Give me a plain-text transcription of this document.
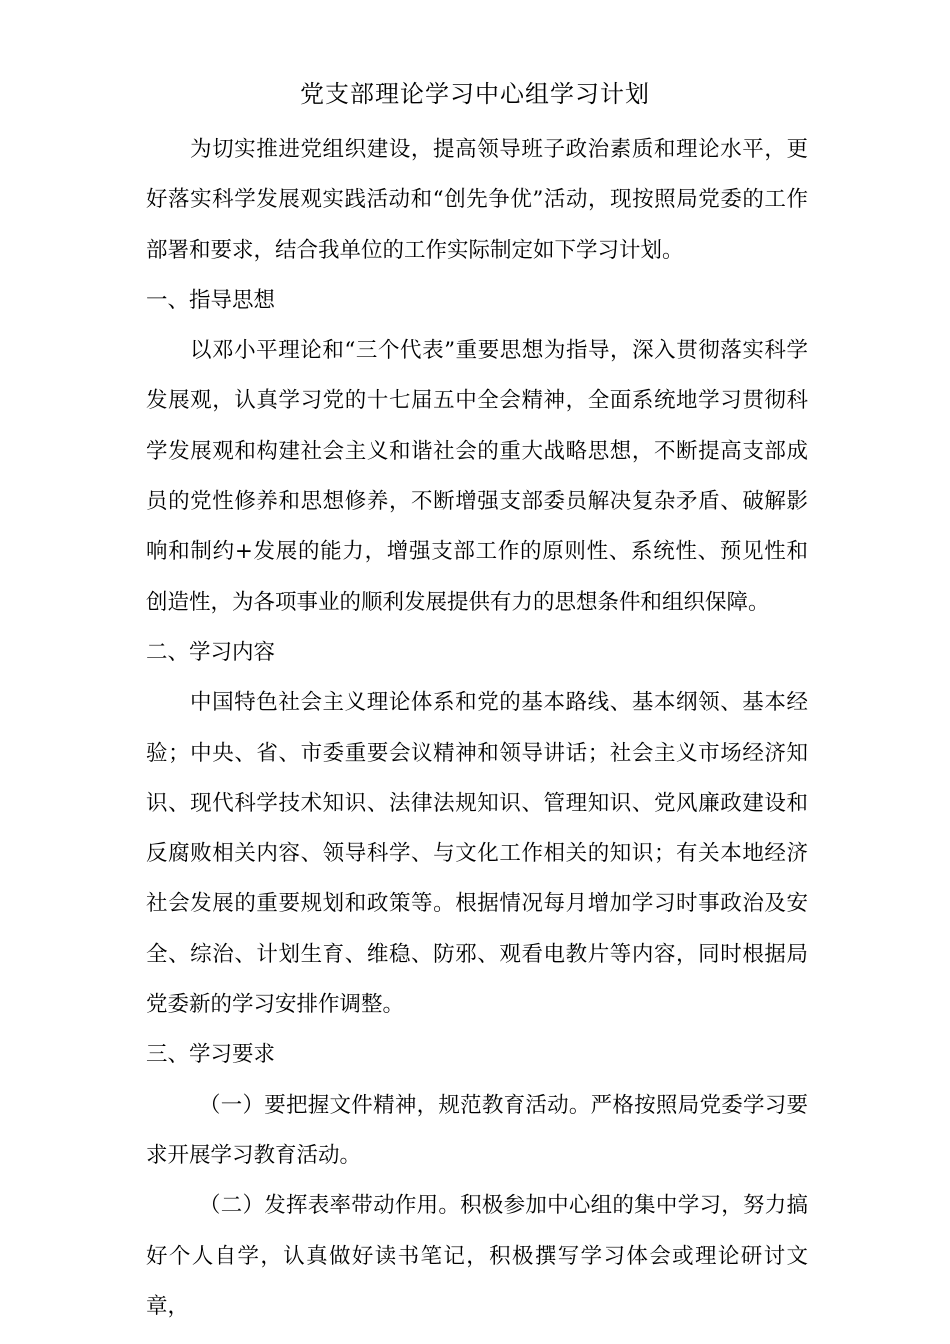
党支部理论学习中心组学习计划

为切实推进党组织建设，提高领导班子政治素质和理论水平，更好落实科学发展观实践活动和“创先争优”活动，现按照局党委的工作部署和要求，结合我单位的工作实际制定如下学习计划。

一、指导思想

以邓小平理论和“三个代表”重要思想为指导，深入贯彻落实科学发展观，认真学习党的十七届五中全会精神，全面系统地学习贯彻科学发展观和构建社会主义和谐社会的重大战略思想，不断提高支部成员的党性修养和思想修养，不断增强支部委员解决复杂矛盾、破解影响和制约+发展的能力，增强支部工作的原则性、系统性、预见性和创造性，为各项事业的顺利发展提供有力的思想条件和组织保障。

二、学习内容

中国特色社会主义理论体系和党的基本路线、基本纲领、基本经验；中央、省、市委重要会议精神和领导讲话；社会主义市场经济知识、现代科学技术知识、法律法规知识、管理知识、党风廉政建设和反腐败相关内容、领导科学、与文化工作相关的知识；有关本地经济社会发展的重要规划和政策等。根据情况每月增加学习时事政治及安全、综治、计划生育、维稳、防邪、观看电教片等内容，同时根据局党委新的学习安排作调整。

三、学习要求

（一）要把握文件精神，规范教育活动。严格按照局党委学习要求开展学习教育活动。

（二）发挥表率带动作用。积极参加中心组的集中学习，努力搞好个人自学，认真做好读书笔记，积极撰写学习体会或理论研讨文章，
